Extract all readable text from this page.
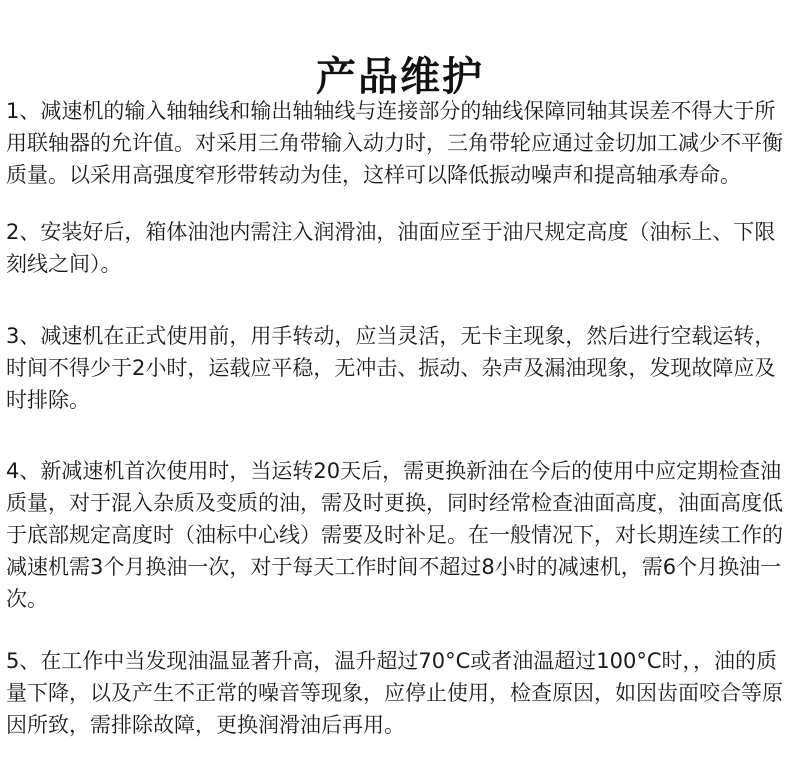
产品维护

1、减速机的输入轴轴线和输出轴轴线与连接部分的轴线保障同轴其误差不得大于所用联轴器的允许值。对采用三角带输入动力时，三角带轮应通过金切加工减少不平衡质量。以采用高强度窄形带转动为佳，这样可以降低振动噪声和提高轴承寿命。

2、安装好后，箱体油池内需注入润滑油，油面应至于油尺规定高度（油标上、下限刻线之间）。

3、减速机在正式使用前，用手转动，应当灵活，无卡主现象，然后进行空载运转，时间不得少于2小时，运载应平稳，无冲击、振动、杂声及漏油现象，发现故障应及时排除。

4、新减速机首次使用时，当运转20天后，需更换新油在今后的使用中应定期检查油质量，对于混入杂质及变质的油，需及时更换，同时经常检查油面高度，油面高度低于底部规定高度时（油标中心线）需要及时补足。在一般情况下，对长期连续工作的减速机需3个月换油一次，对于每天工作时间不超过8小时的减速机，需6个月换油一次。

5、在工作中当发现油温显著升高，温升超过70°C或者油温超过100°C时，，油的质量下降，以及产生不正常的噪音等现象，应停止使用，检查原因，如因齿面咬合等原因所致，需排除故障，更换润滑油后再用。
